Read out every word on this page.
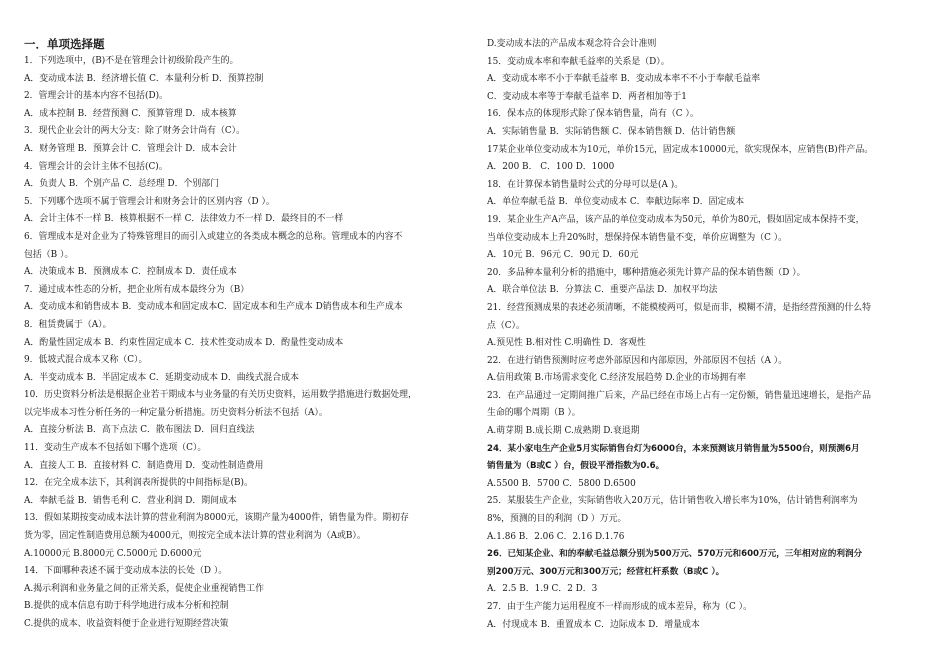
一．单项选择题
1．下列选项中，(B)不是在管理会计初级阶段产生的。
A．变动成本法 B．经济增长值 C．本量利分析 D．预算控制
2．管理会计的基本内容不包括(D)。
A．成本控制 B．经营预测 C．预算管理 D．成本核算
3．现代企业会计的两大分支：除了财务会计尚有（C）。
A．财务管理 B．预算会计 C．管理会计 D．成本会计
4．管理会计的会计主体不包括(C)。
A．负责人 B．个别产品 C．总经理 D．个别部门
5．下列哪个选项不属于管理会计和财务会计的区别内容（D ）。
A．会计主体不一样 B．核算根据不一样 C．法律效力不一样 D．最终目的不一样
6．管理成本是对企业为了特殊管理目的而引入或建立的各类成本概念的总称。管理成本的内容不
包括（B ）。
A．决策成本 B．预测成本 C．控制成本 D．责任成本
7．通过成本性态的分析，把企业所有成本最终分为（B）
A．变动成本和销售成本 B．变动成本和固定成本C．固定成本和生产成本 D销售成本和生产成本
8．租赁费属于（A）。
A．酌量性固定成本 B．约束性固定成本 C．技术性变动成本 D．酌量性变动成本
9．低坡式混合成本又称（C）。
A．半变动成本 B．半固定成本 C．延期变动成本 D．曲线式混合成本
10．历史资料分析法是根据企业若干期成本与业务量的有关历史资料，运用数学措施进行数据处理，
以完毕成本习性分析任务的一种定量分析措施。历史资料分析法不包括（A）。
A．直接分析法 B．高下点法 C．散布图法 D．回归直线法
11．变动生产成本不包括如下哪个选项（C）。
A．直接人工 B．直接材料 C．制造费用 D．变动性制造费用
12．在完全成本法下，其利润表所提供的中间指标是(B)。
A．奉献毛益 B．销售毛利 C．营业利润 D．期间成本
13．假如某期按变动成本法计算的营业利润为8000元，该期产量为4000件，销售量为件。期初存
货为零，固定性制造费用总额为4000元，则按完全成本法计算的营业利润为（A或B）。
A.10000元 B.8000元 C.5000元 D.6000元
14．下面哪种表述不属于变动成本法的长处（D ）。
A.揭示利润和业务量之间的正常关系，促使企业重视销售工作
B.提供的成本信息有助于科学地进行成本分析和控制
C.提供的成本、收益资料便于企业进行短期经营决策
D.变动成本法的产品成本观念符合会计准则
15．变动成本率和奉献毛益率的关系是（D）。
A．变动成本率不小于奉献毛益率 B．变动成本率不不小于奉献毛益率
C．变动成本率等于奉献毛益率 D．两者相加等于1
16．保本点的体现形式除了保本销售量，尚有（C ）。
A．实际销售量 B．实际销售额 C．保本销售额 D．估计销售额
17某企业单位变动成本为10元，单价15元，固定成本10000元，欲实现保本，应销售(B)件产品。
A．200 B． C．100 D．1000
18．在计算保本销售量时公式的分母可以是(A )。
A．单位奉献毛益 B．单位变动成本 C．奉献边际率 D．固定成本
19．某企业生产A产品，该产品的单位变动成本为50元，单价为80元，假如固定成本保持不变，
当单位变动成本上升20%时，想保持保本销售量不变，单价应调整为（C ）。
A．10元 B．96元 C．90元 D．60元
20．多品种本量利分析的措施中，哪种措施必须先计算产品的保本销售额（D ）。
A．联合单位法 B．分算法 C．重要产品法 D．加权平均法
21．经营预测成果的表述必须清晰，不能模棱两可，似是而非，模糊不清，是指经营预测的什么特
点（C）。
A.预见性 B.相对性 C.明确性 D．客观性
22．在进行销售预测时应考虑外部原因和内部原因，外部原因不包括（A ）。
A.信用政策 B.市场需求变化 C.经济发展趋势 D.企业的市场拥有率
23．在产品通过一定期间推广后来，产品已经在市场上占有一定份额，销售量迅速增长，是指产品
生命的哪个周期（B ）。
A.萌芽期 B.成长期 C.成熟期 D.衰退期
24．某小家电生产企业5月实际销售台灯为6000台，本来预测该月销售量为5500台，则预测6月
销售量为（B或C ）台，假设平滑指数为0.6。
A.5500 B．5700 C．5800 D.6500
25．某服装生产企业，实际销售收入20万元，估计销售收入增长率为10%，估计销售利润率为
8%，预测的目的利润（D ）万元。
A.1.86 B．2.06 C．2.16 D.1.76
26．已知某企业、和的奉献毛益总额分别为500万元、570万元和600万元，三年相对应的利润分
别200万元、300万元和300万元；经营杠杆系数（B或C ）。
A．2.5 B．1.9 C．2 D．3
27．由于生产能力运用程度不一样而形成的成本差异，称为（C ）。
A．付现成本 B．重置成本 C．边际成本 D．增量成本
